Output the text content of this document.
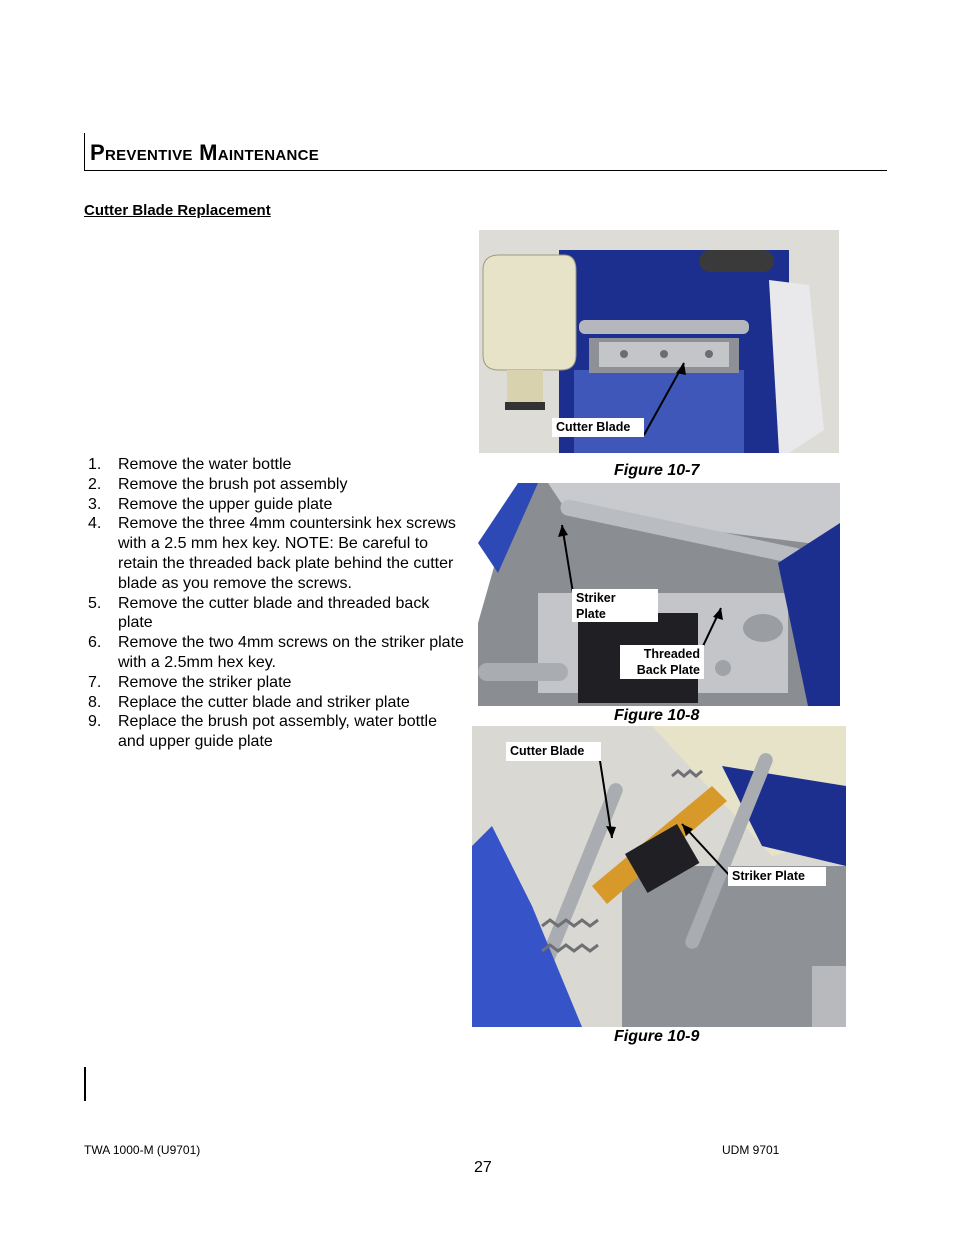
Preventive Maintenance
Cutter Blade Replacement
1. Remove the water bottle
2. Remove the brush pot assembly
3. Remove the upper guide plate
4. Remove the three 4mm countersink hex screws with a 2.5 mm hex key. NOTE: Be careful to retain the threaded back plate behind the cutter blade as you remove the screws.
5. Remove the cutter blade and threaded back plate
6. Remove the two 4mm screws on the striker plate with a 2.5mm hex key.
7. Remove the striker plate
8. Replace the cutter blade and striker plate
9. Replace the brush pot assembly, water bottle and upper guide plate
Cutter Blade
Figure 10-7
Striker Plate
Threaded Back Plate
Figure 10-8
Cutter Blade
Striker Plate
Figure 10-9
TWA 1000-M (U9701)	UDM 9701
27
